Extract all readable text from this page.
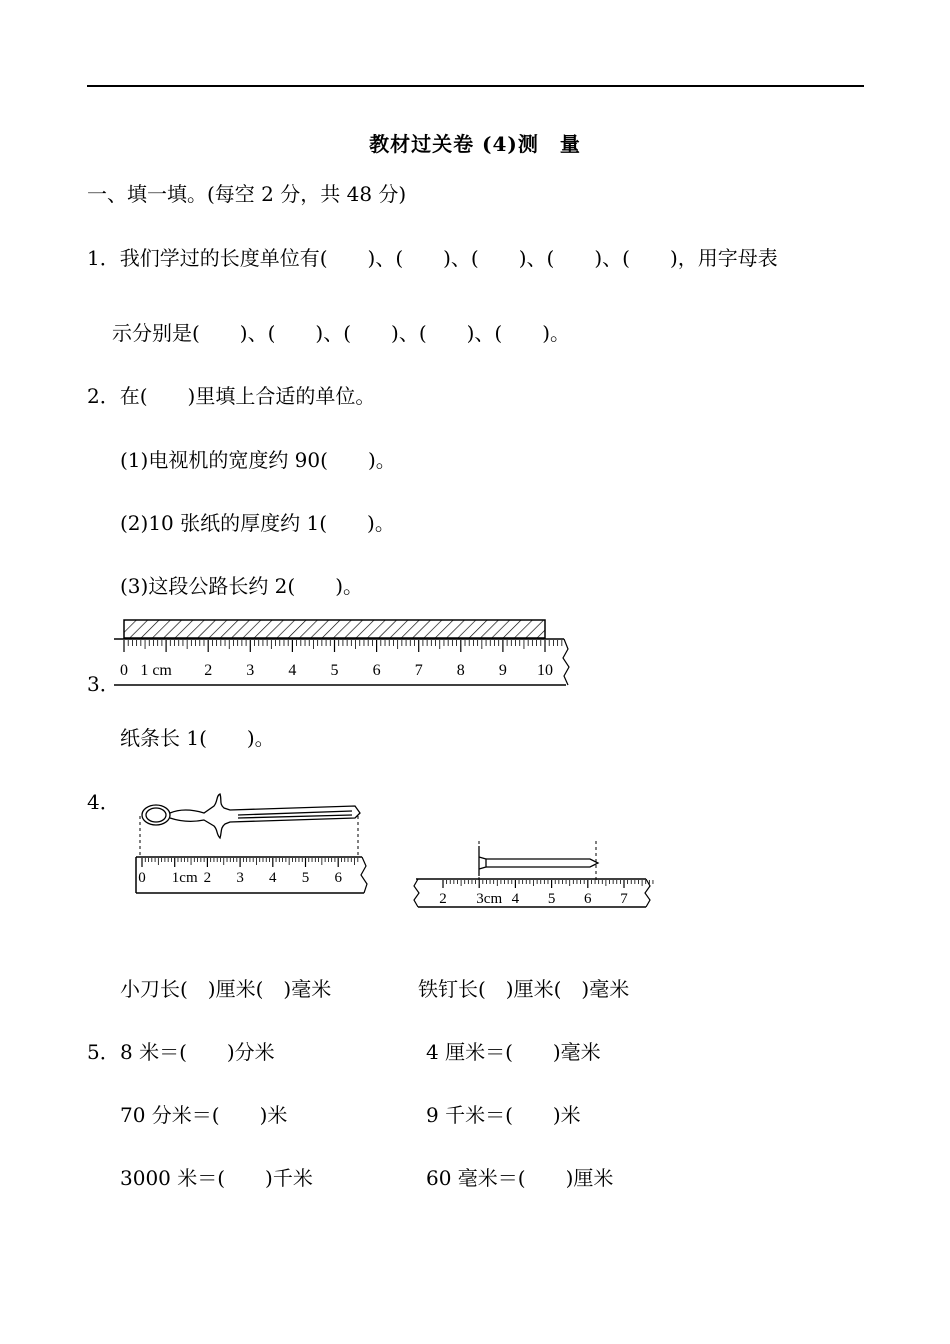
教材过关卷 (4)测　量
一、填一填。(每空 2 分，共 48 分)
1．我们学过的长度单位有(　　)、(　　)、(　　)、(　　)、(　　)，用字母表
示分别是(　　)、(　　)、(　　)、(　　)、(　　)。
2．在(　　)里填上合适的单位。
(1)电视机的宽度约 90(　　)。
(2)10 张纸的厚度约 1(　　)。
(3)这段公路长约 2(　　)。
3．
0 1 cm 2 3 4 5 6 7 8 9 10
纸条长 1(　　)。
4．
0 1cm 2 3 4 5 6
2 3cm 4 5 6 7
小刀长(　)厘米(　)毫米	铁钉长(　)厘米(　)毫米
5． 8 米＝(　　)分米	4 厘米＝(　　)毫米
70 分米＝(　　)米	9 千米＝(　　)米
3000 米＝(　　)千米	60 毫米＝(　　)厘米
